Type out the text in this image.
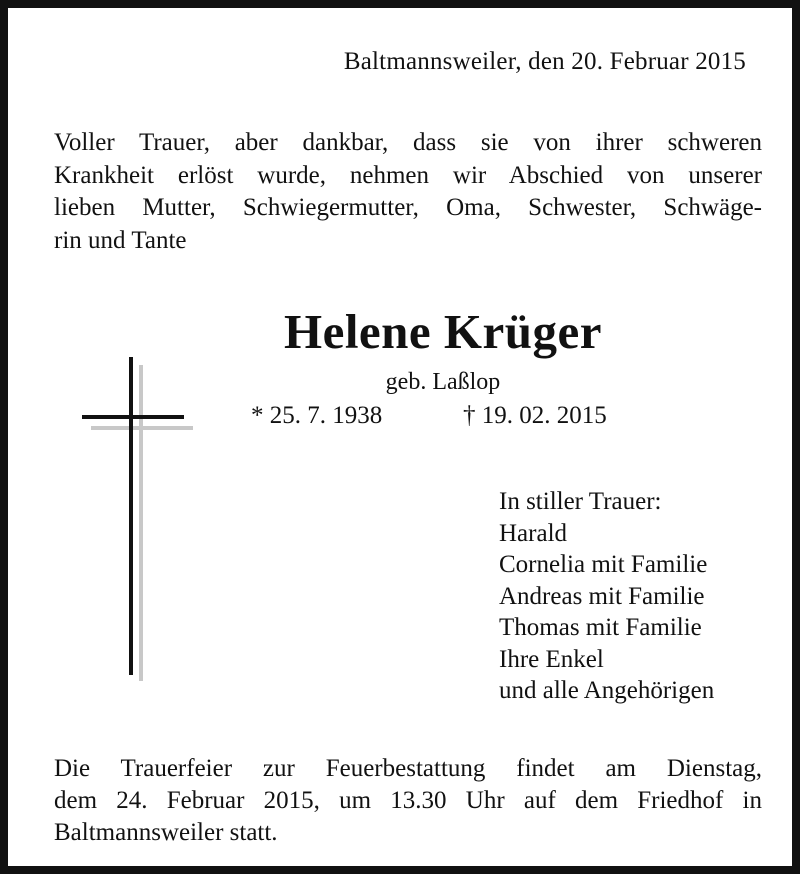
Baltmannsweiler, den 20. Februar 2015
Voller Trauer, aber dankbar, dass sie von ihrer schweren
Krankheit erlöst wurde, nehmen wir Abschied von unserer
lieben Mutter, Schwiegermutter, Oma, Schwester, Schwäge-
rin und Tante
Helene Krüger
geb. Laßlop
* 25. 7. 1938	† 19. 02. 2015
In stiller Trauer:
Harald
Cornelia mit Familie
Andreas mit Familie
Thomas mit Familie
Ihre Enkel
und alle Angehörigen
Die Trauerfeier zur Feuerbestattung findet am Dienstag,
dem 24. Februar 2015, um 13.30 Uhr auf dem Friedhof in
Baltmannsweiler statt.
